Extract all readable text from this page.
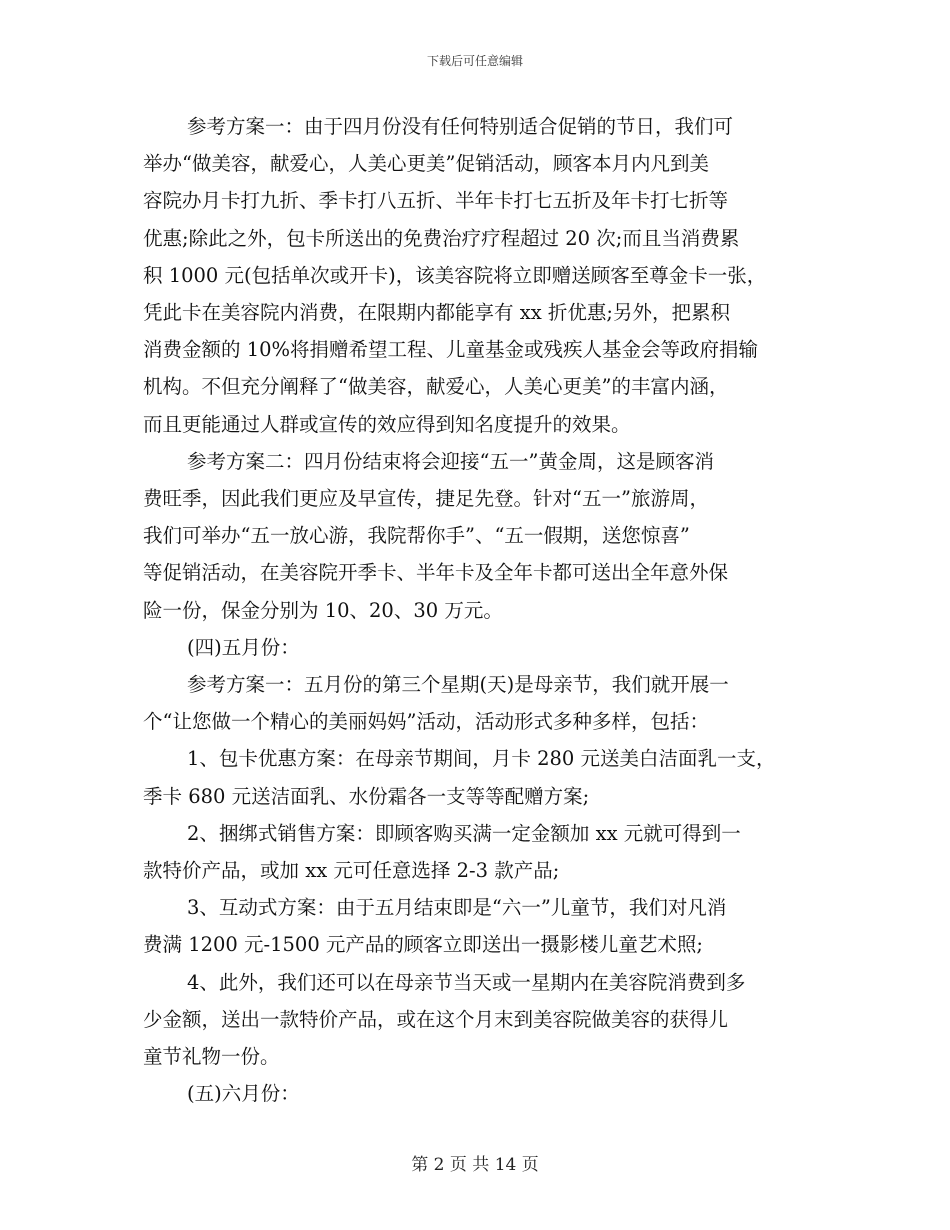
下载后可任意编辑

参考方案一：由于四月份没有任何特别适合促销的节日，我们可

举办“做美容，献爱心，人美心更美”促销活动，顾客本月内凡到美

容院办月卡打九折、季卡打八五折、半年卡打七五折及年卡打七折等

优惠;除此之外，包卡所送出的免费治疗疗程超过 20 次;而且当消费累

积 1000 元(包括单次或开卡)，该美容院将立即赠送顾客至尊金卡一张，

凭此卡在美容院内消费，在限期内都能享有 xx 折优惠;另外，把累积

消费金额的 10%将捐赠希望工程、儿童基金或残疾人基金会等政府捐输

机构。不但充分阐释了“做美容，献爱心，人美心更美”的丰富内涵，

而且更能通过人群或宣传的效应得到知名度提升的效果。

参考方案二：四月份结束将会迎接“五一”黄金周，这是顾客消

费旺季，因此我们更应及早宣传，捷足先登。针对“五一”旅游周，

我们可举办“五一放心游，我院帮你手”、“五一假期，送您惊喜”

等促销活动，在美容院开季卡、半年卡及全年卡都可送出全年意外保

险一份，保金分别为 10、20、30 万元。

(四)五月份：

参考方案一：五月份的第三个星期(天)是母亲节，我们就开展一

个“让您做一个精心的美丽妈妈”活动，活动形式多种多样，包括：

1、包卡优惠方案：在母亲节期间，月卡 280 元送美白洁面乳一支，

季卡 680 元送洁面乳、水份霜各一支等等配赠方案;

2、捆绑式销售方案：即顾客购买满一定金额加 xx 元就可得到一

款特价产品，或加 xx 元可任意选择 2-3 款产品;

3、互动式方案：由于五月结束即是“六一”儿童节，我们对凡消

费满 1200 元-1500 元产品的顾客立即送出一摄影楼儿童艺术照;

4、此外，我们还可以在母亲节当天或一星期内在美容院消费到多

少金额，送出一款特价产品，或在这个月末到美容院做美容的获得儿

童节礼物一份。

(五)六月份：

第 2 页 共 14 页
